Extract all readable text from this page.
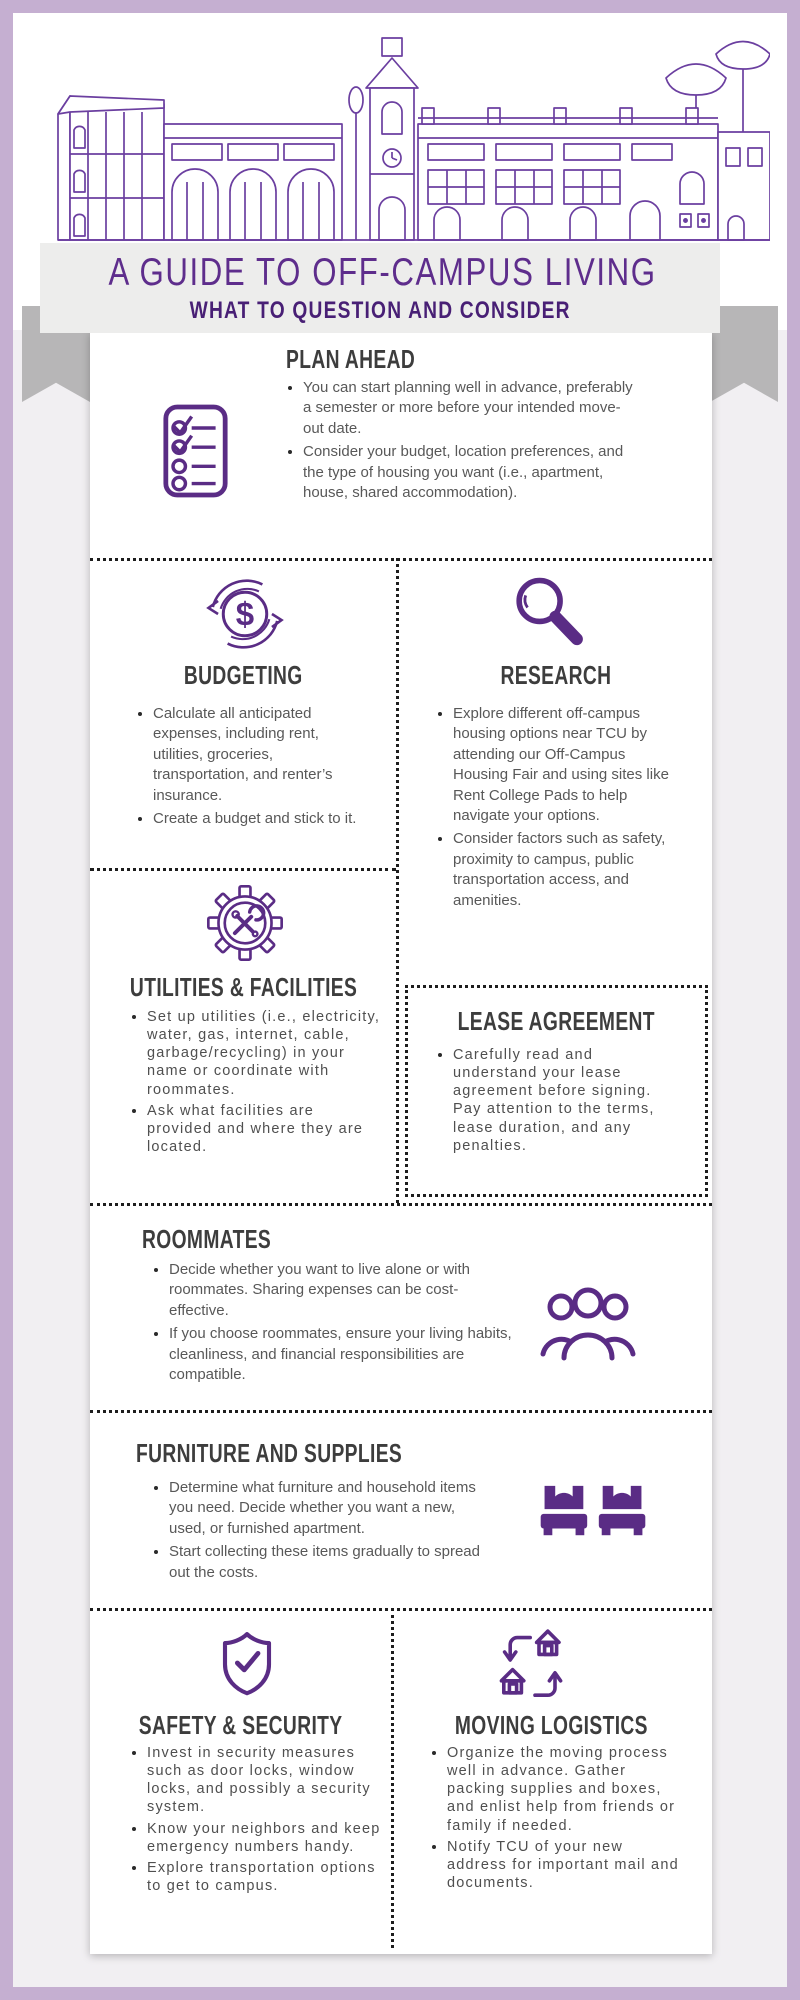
A GUIDE TO OFF-CAMPUS LIVING
WHAT TO QUESTION AND CONSIDER
PLAN AHEAD
• You can start planning well in advance, preferably a semester or more before your intended move-out date.
• Consider your budget, location preferences, and the type of housing you want (i.e., apartment, house, shared accommodation).
$
BUDGETING
• Calculate all anticipated expenses, including rent, utilities, groceries, transportation, and renter’s insurance.
• Create a budget and stick to it.
RESEARCH
• Explore different off-campus housing options near TCU by attending our Off-Campus Housing Fair and using sites like Rent College Pads to help navigate your options.
• Consider factors such as safety, proximity to campus, public transportation access, and amenities.
UTILITIES & FACILITIES
• Set up utilities (i.e., electricity, water, gas, internet, cable, garbage/recycling) in your name or coordinate with roommates.
• Ask what facilities are provided and where they are located.
LEASE AGREEMENT
• Carefully read and understand your lease agreement before signing. Pay attention to the terms, lease duration, and any penalties.
ROOMMATES
• Decide whether you want to live alone or with roommates. Sharing expenses can be cost-effective.
• If you choose roommates, ensure your living habits, cleanliness, and financial responsibilities are compatible.
FURNITURE AND SUPPLIES
• Determine what furniture and household items you need. Decide whether you want a new, used, or furnished apartment.
• Start collecting these items gradually to spread out the costs.
SAFETY & SECURITY
• Invest in security measures such as door locks, window locks, and possibly a security system.
• Know your neighbors and keep emergency numbers handy.
• Explore transportation options to get to campus.
MOVING LOGISTICS
• Organize the moving process well in advance. Gather packing supplies and boxes, and enlist help from friends or family if needed.
• Notify TCU of your new address for important mail and documents.
